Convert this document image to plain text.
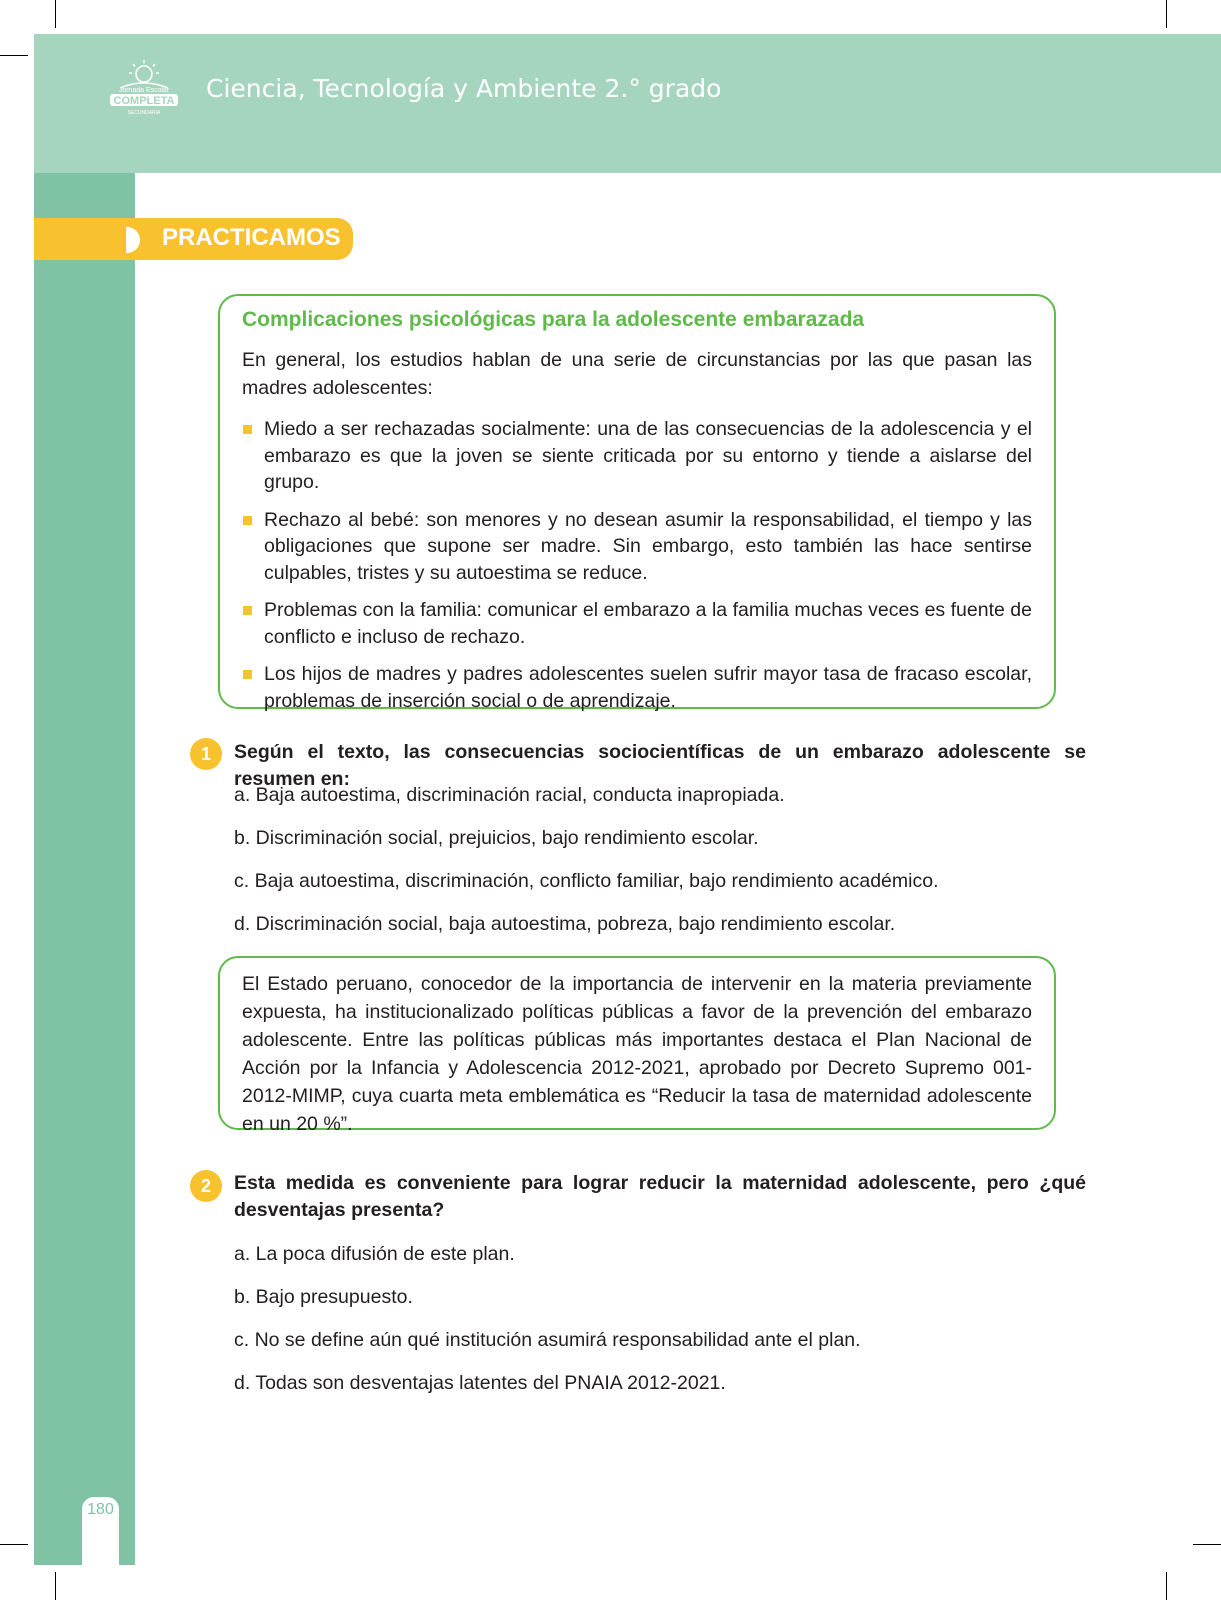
Jornada Escolar
COMPLETA
SECUNDARIA
Ciencia, Tecnología y Ambiente 2.° grado
180
PRACTICAMOS
Complicaciones psicológicas para la adolescente embarazada
En general, los estudios hablan de una serie de circunstancias por las que pasan las madres adolescentes:
Miedo a ser rechazadas socialmente: una de las consecuencias de la adolescencia y el embarazo es que la joven se siente criticada por su entorno y tiende a aislarse del grupo.
Rechazo al bebé: son menores y no desean asumir la responsabilidad, el tiempo y las obligaciones que supone ser madre. Sin embargo, esto también las hace sentirse culpables, tristes y su autoestima se reduce.
Problemas con la familia: comunicar el embarazo a la familia muchas veces es fuente de conflicto e incluso de rechazo.
Los hijos de madres y padres adolescentes suelen sufrir mayor tasa de fracaso escolar, problemas de inserción social o de aprendizaje.
1	Según el texto, las consecuencias sociocientíficas de un embarazo adolescente se resumen en:
a. Baja autoestima, discriminación racial, conducta inapropiada.
b. Discriminación social, prejuicios, bajo rendimiento escolar.
c. Baja autoestima, discriminación, conflicto familiar, bajo rendimiento académico.
d. Discriminación social, baja autoestima, pobreza, bajo rendimiento escolar.
El Estado peruano, conocedor de la importancia de intervenir en la materia previamente expuesta, ha institucionalizado políticas públicas a favor de la prevención del embarazo adolescente. Entre las políticas públicas más importantes destaca el Plan Nacional de Acción por la Infancia y Adolescencia 2012-2021, aprobado por Decreto Supremo 001-2012-MIMP, cuya cuarta meta emblemática es “Reducir la tasa de maternidad adolescente en un 20 %”.
2	Esta medida es conveniente para lograr reducir la maternidad adolescente, pero ¿qué desventajas presenta?
a. La poca difusión de este plan.
b. Bajo presupuesto.
c. No se define aún qué institución asumirá responsabilidad ante el plan.
d. Todas son desventajas latentes del PNAIA 2012-2021.
